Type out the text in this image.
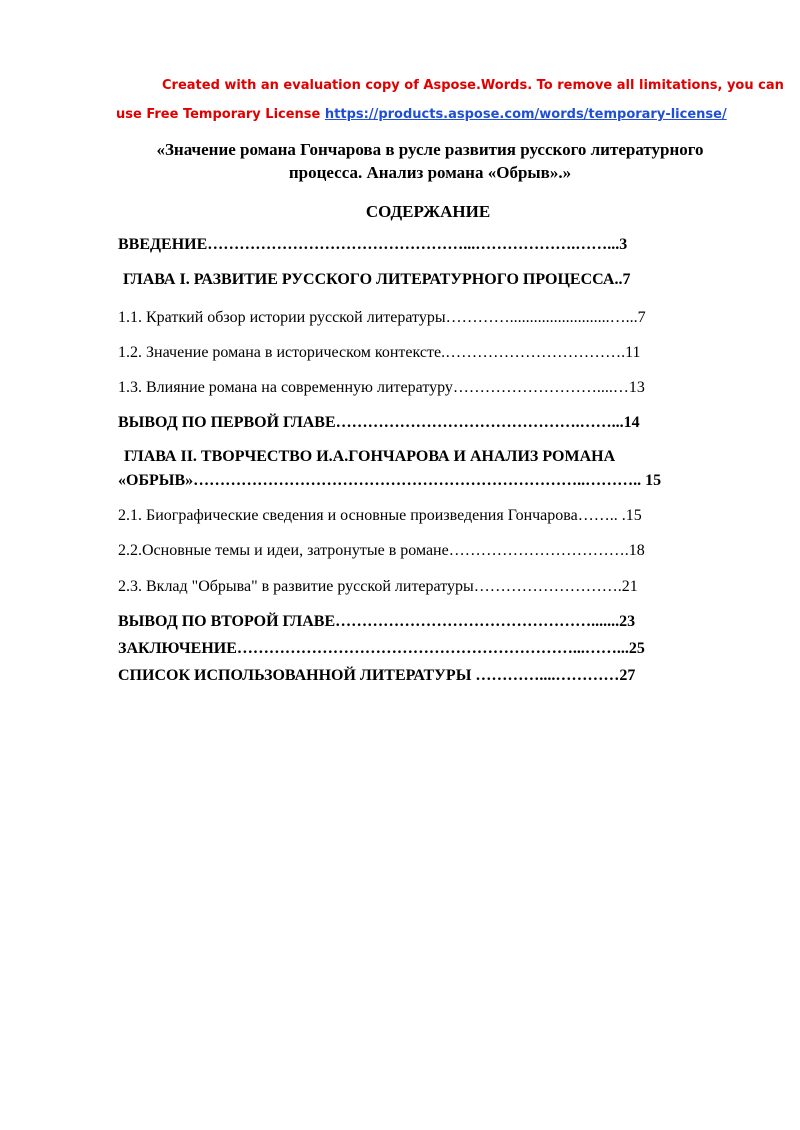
Created with an evaluation copy of Aspose.Words. To remove all limitations, you can
use Free Temporary License https://products.aspose.com/words/temporary-license/
«Значение романа Гончарова в русле развития русского литературного
процесса. Анализ романа «Обрыв».»
СОДЕРЖАНИЕ
ВВЕДЕНИЕ…………………………………………...……………….……...3
ГЛАВА I. РАЗВИТИЕ РУССКОГО ЛИТЕРАТУРНОГО ПРОЦЕССА..7
1.1. Краткий обзор истории русской литературы………….........................…...7
1.2. Значение романа в историческом контексте.…………………………….11
1.3. Влияние романа на современную литературу………………………....…13
ВЫВОД ПО ПЕРВОЙ ГЛАВЕ……………………………………….……...14
ГЛАВА II. ТВОРЧЕСТВО И.А.ГОНЧАРОВА И АНАЛИЗ РОМАНА
«ОБРЫВ»………………………………………………………………..……….. 15
2.1. Биографические сведения и основные произведения Гончарова…….. .15
2.2.Основные темы и идеи, затронутые в романе…………………………….18
2.3. Вклад "Обрыва" в развитие русской литературы……………………….21
ВЫВОД ПО ВТОРОЙ ГЛАВЕ………………………………………….......23
ЗАКЛЮЧЕНИЕ………………………………………………………...……...25
СПИСОК ИСПОЛЬЗОВАННОЙ ЛИТЕРАТУРЫ …………....…………27
